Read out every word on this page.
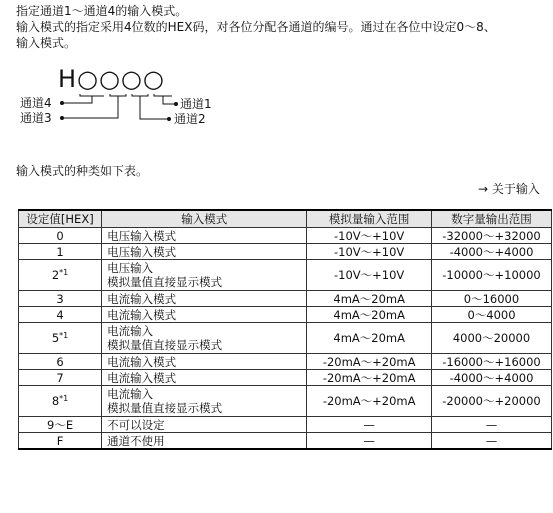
指定通道1～通道4的输入模式。

输入模式的指定采用4位数的HEX码，对各位分配各通道的编号。通过在各位中设定0～8、

输入模式。

H○○○○
通道4
通道3
通道1
通道2
输入模式的种类如下表。
→ 关于输入
设定值[HEX]	输入模式	模拟量输入范围	数字量输出范围
0	电压输入模式	-10V～+10V	-32000～+32000
1	电压输入模式	-10V～+10V	-4000～+4000
2$^{*1}$	电压输入
模拟量值直接显示模式	-10V～+10V	-10000～+10000
3	电流输入模式	4mA～20mA	0～16000
4	电流输入模式	4mA～20mA	0～4000
5$^{*1}$	电流输入
模拟量值直接显示模式	4mA～20mA	4000～20000
6	电流输入模式	-20mA～+20mA	-16000～+16000
7	电流输入模式	-20mA～+20mA	-4000～+4000
8$^{*1}$	电流输入
模拟量值直接显示模式	-20mA～+20mA	-20000～+20000
9～E	不可以设定	—	—
F	通道不使用	—	—
